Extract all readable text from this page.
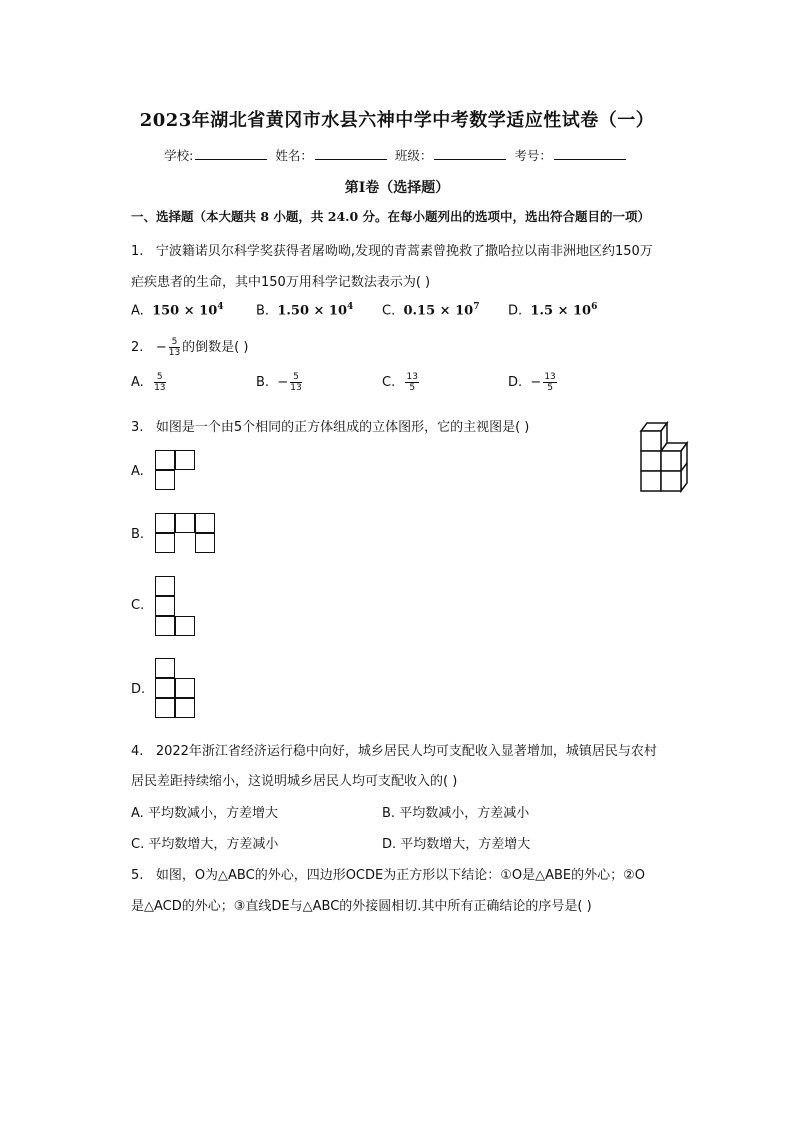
2023年湖北省黄冈市水县六神中学中考数学适应性试卷（一）
学校:	姓名：	班级：	考号：
第I卷（选择题）
一、选择题（本大题共 8 小题，共 24.0 分。在每小题列出的选项中，选出符合题目的一项）
1. 宁波籍诺贝尔科学奖获得者屠呦呦,发现的青蒿素曾挽救了撒哈拉以南非洲地区约150万
疟疾患者的生命，其中150万用科学记数法表示为( )
A. $150 \times 10^4$	B. $1.50 \times 10^4$ C. $0.15 \times 10^7$ D. $1.5 \times 10^6$
2. − $\frac{5}{13}$ 的倒数是( )
A. $\frac{5}{13}$	B. − $\frac{5}{13}$	C. $\frac{13}{5}$	D. − $\frac{13}{5}$
3. 如图是一个由5个相同的正方体组成的立体图形，它的主视图是( )
A.
B.
C.
D.
4. 2022年浙江省经济运行稳中向好，城乡居民人均可支配收入显著增加，城镇居民与农村
居民差距持续缩小，这说明城乡居民人均可支配收入的( )
A. 平均数减小，方差增大	B. 平均数减小，方差减小
C. 平均数增大，方差减小	D. 平均数增大，方差增大
5. 如图，O为△ABC的外心，四边形OCDE为正方形以下结论：①O是△ABE的外心；②O
是△ACD的外心；③直线DE与△ABC的外接圆相切.其中所有正确结论的序号是( )
